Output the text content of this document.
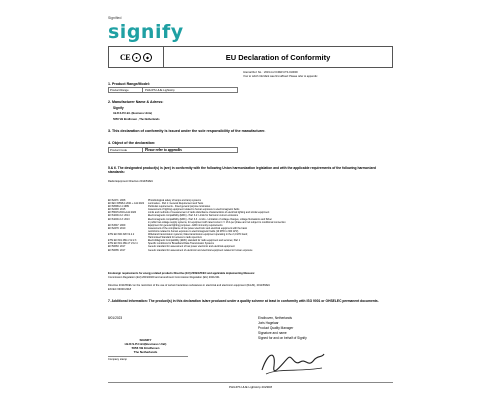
Signified
signify
CE	●	◆	EU Declaration of Conformity
Internal Ref. No. : 2019-Gt-VCMW-CT0-010000
Your to which CE Mark was first affixed: Please refer to appendix
1. Product Range/Model:
Product Range	PHILIPS HUE Lightstrip
2. Manufacturer Name & Adress:
Signify
I.B.R.S.P.C.B.I. (Business Unite)
5656 VB Eindhoven , The Netherlands
3. This declaration of conformity is issued under the sole responsibility of the manufacturer.
4. Object of the declaration:
Product Code	Please refer to appendix
5.& 6. The designated product(s) is (are) in conformity with the following Union harmonization legislation and with the applicable requirements of the following harmonized standards:
Radio Equipment Directive 2014/53/EU
EN 62471: 2008	Photobiological safety of lamps and lamp systems
EN IEC 60598-1:2021 + A11:2022	Luminaires - Part 1: General Requirement and Tests
EN 60598-2-1:1989	Particular requirements - Fixed general purpose luminaires
EN 62493: 2015	Assessment of lighting equipment related to human exposure to electromagnetic fields
EN 55015:2019+A11:2020	Limits and methods of measurement of radio disturbance characteristics of electrical lighting and similar equipment
EN 61000-3-2: 2014	Electromagnetic compatibility (EMC) - Part 3-2: Limits for harmonic current emissions
EN 61000-3-3: 2013	Electromagnetic compatibility (EMC) - Part 3-3 - Limits - Limitation of voltage changes, voltage fluctuations and flicker
in public low-voltage supply systems, for equipment with rated current <= 16 A per phase and not subject to conditional connection
EN 61547: 2009	Equipment for general lighting purposes - EMC immunity requirements
EN 62479: 2010	Assessment of the compliance of low power electronic and electrical equipment with the basic
restrictions related to human exposure to electromagnetic fields (10 MHz to 300 GHz)
ETSI EN 300 328 V2.2.2	Wideband transmission systems; Data transmission equipment operating in the 2,4 GHz band;
Harmonised Standard for access to radio spectrum
ETSI EN 301 489-1 V2.2.3	ElectroMagnetic Compatibility (EMC) standard for radio equipment and services; Part 1
ETSI EN 301 489-17 V3.2.4	Specific conditions for Broadband Data Transmission Systems
EN 50663: 2017	Generic standard for assessment of low power electronic and electrical equipment
EN 50665: 2017	Generic standard for assessment of electronic and electrical equipment related to human exposure
Ecodesign requirements for energy-related products Directive (EU) 2009/125/EC and applicable implementing Measure:
Commission Regulation (EU) 2019/2020 and amendment Commission Regulation (EU) 2021/341
Directive 2011/65/EU on the restriction of the use of certain hazardous substances in electrical and electronic equipment (RoHS), 2011/65/EU
EN IEC 63000:2018
7. Additional information: The product(s) in this declaration is/are produced under a quality scheme at least in conformity with ISO 9001 or OHSELEC permanent documents.
8/01/2023
SIGNIFY
I.B.R.S.P.C.B.I(Business Unit)
5656 VB Eindhoven
The Netherlands
Company stamp
Eindhoven, Netherlands
Joris Hagelaar
Product Quality Manager
Signature and name
Signed for and on behalf of Signify
PHILIPS HUE Lightstrip 2023D8
